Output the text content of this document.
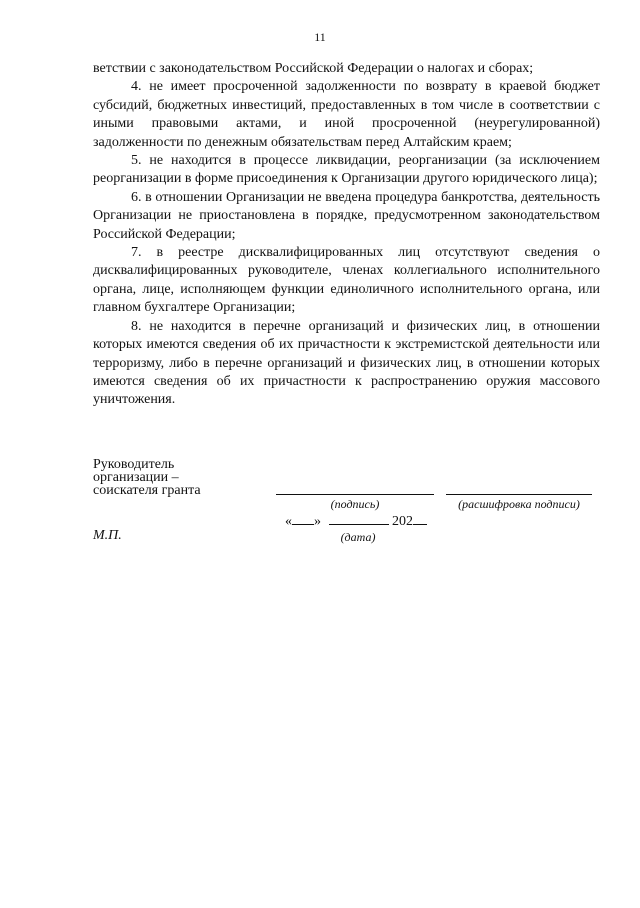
11

ветствии с законодательством Российской Федерации о налогах и сборах;

4. не имеет просроченной задолженности по возврату в краевой бюджет субсидий, бюджетных инвестиций, предоставленных в том числе в соответствии с иными правовыми актами, и иной просроченной (неурегулированной) задолженности по денежным обязательствам перед Алтайским краем;

5. не находится в процессе ликвидации, реорганизации (за исключением реорганизации в форме присоединения к Организации другого юридического лица);

6. в отношении Организации не введена процедура банкротства, деятельность Организации не приостановлена в порядке, предусмотренном законодательством Российской Федерации;

7. в реестре дисквалифицированных лиц отсутствуют сведения о дисквалифицированных руководителе, членах коллегиального исполнительного органа, лице, исполняющем функции единоличного исполнительного органа, или главном бухгалтере Организации;

8. не находится в перечне организаций и физических лиц, в отношении которых имеются сведения об их причастности к экстремистской деятельности или терроризму, либо в перечне организаций и физических лиц, в отношении которых имеются сведения об их причастности к распространению оружия массового уничтожения.

Руководитель
организации –
соискателя гранта
(подпись)	(расшифровка подписи)
« »	202
(дата)
М.П.
